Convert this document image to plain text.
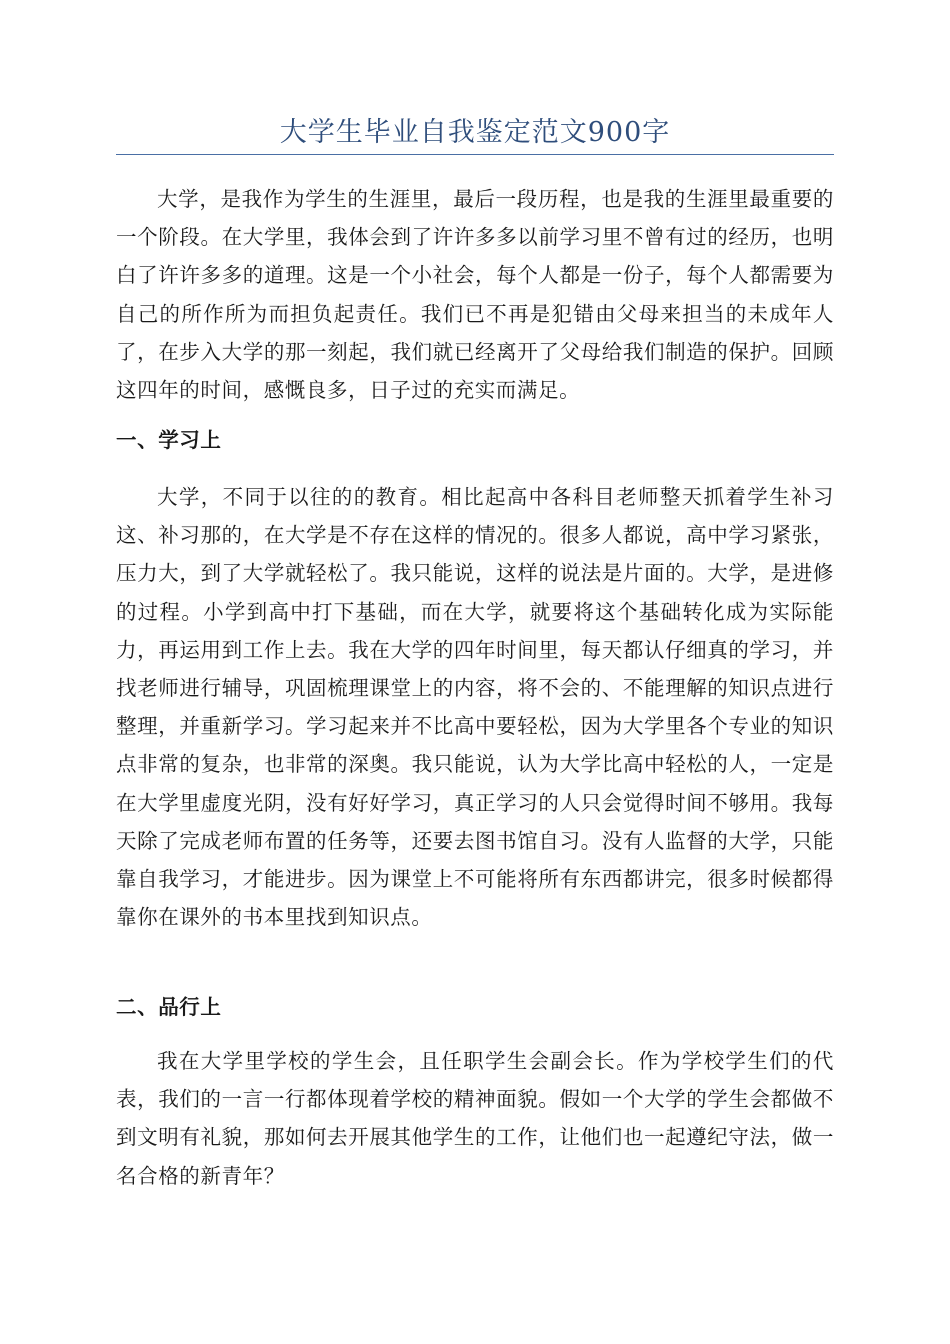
大学生毕业自我鉴定范文900字

大学，是我作为学生的生涯里，最后一段历程，也是我的生涯里最重要的一个阶段。在大学里，我体会到了许许多多以前学习里不曾有过的经历，也明白了许许多多的道理。这是一个小社会，每个人都是一份子，每个人都需要为自己的所作所为而担负起责任。我们已不再是犯错由父母来担当的未成年人了，在步入大学的那一刻起，我们就已经离开了父母给我们制造的保护。回顾这四年的时间，感慨良多，日子过的充实而满足。

一、学习上

大学，不同于以往的的教育。相比起高中各科目老师整天抓着学生补习这、补习那的，在大学是不存在这样的情况的。很多人都说，高中学习紧张，压力大，到了大学就轻松了。我只能说，这样的说法是片面的。大学，是进修的过程。小学到高中打下基础，而在大学，就要将这个基础转化成为实际能力，再运用到工作上去。我在大学的四年时间里，每天都认仔细真的学习，并找老师进行辅导，巩固梳理课堂上的内容，将不会的、不能理解的知识点进行整理，并重新学习。学习起来并不比高中要轻松，因为大学里各个专业的知识点非常的复杂，也非常的深奥。我只能说，认为大学比高中轻松的人，一定是在大学里虚度光阴，没有好好学习，真正学习的人只会觉得时间不够用。我每天除了完成老师布置的任务等，还要去图书馆自习。没有人监督的大学，只能靠自我学习，才能进步。因为课堂上不可能将所有东西都讲完，很多时候都得靠你在课外的书本里找到知识点。

二、品行上

我在大学里学校的学生会，且任职学生会副会长。作为学校学生们的代表，我们的一言一行都体现着学校的精神面貌。假如一个大学的学生会都做不到文明有礼貌，那如何去开展其他学生的工作，让他们也一起遵纪守法，做一名合格的新青年？
